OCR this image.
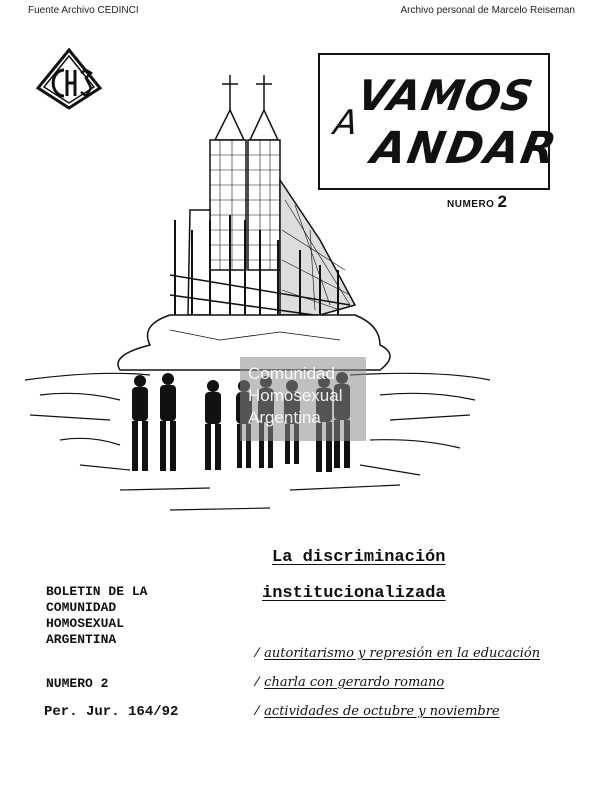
Fuente Archivo CEDINCI	Archivo personal de Marcelo Reiseman
Comunidad
Homosexual
Argentina
VAMOS
A ANDAR
NUMERO 2
La discriminación
institucionalizada
BOLETIN DE LA
COMUNIDAD
HOMOSEXUAL
ARGENTINA
NUMERO 2
Per. Jur. 164/92
⁄ autoritarismo y represión en la educación
⁄ charla con gerardo romano
⁄ actividades de octubre y noviembre
